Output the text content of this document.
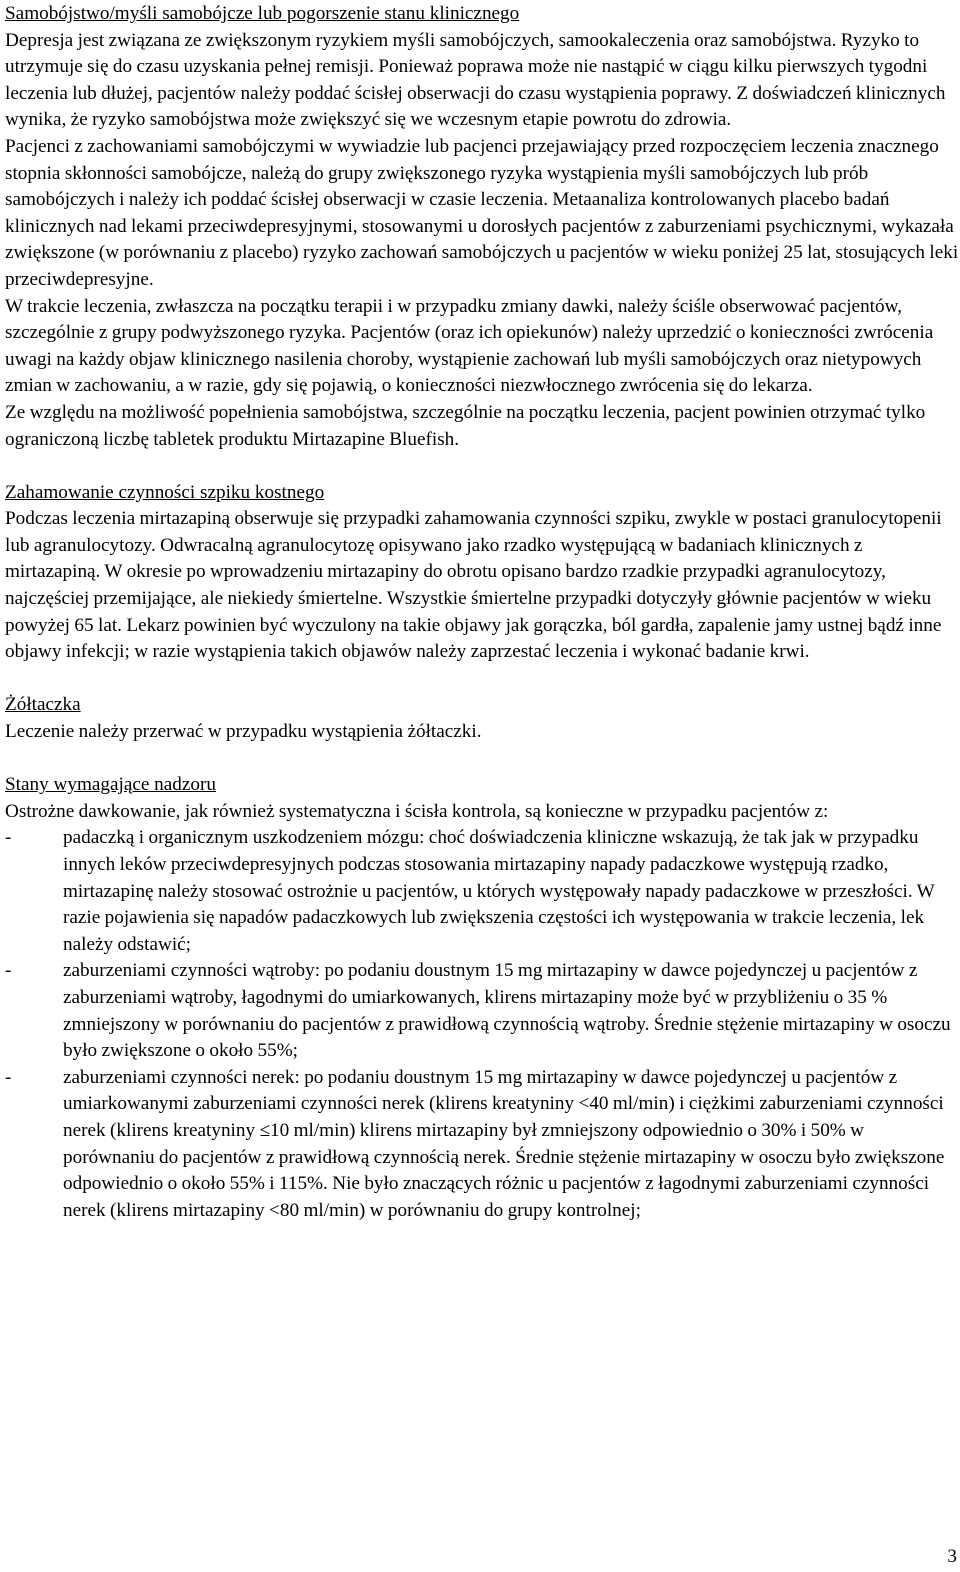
Samobójstwo/myśli samobójcze lub pogorszenie stanu klinicznego

Depresja jest związana ze zwiększonym ryzykiem myśli samobójczych, samookaleczenia oraz samobójstwa. Ryzyko to utrzymuje się do czasu uzyskania pełnej remisji. Ponieważ poprawa może nie nastąpić w ciągu kilku pierwszych tygodni leczenia lub dłużej, pacjentów należy poddać ścisłej obserwacji do czasu wystąpienia poprawy. Z doświadczeń klinicznych wynika, że ryzyko samobójstwa może zwiększyć się we wczesnym etapie powrotu do zdrowia.

Pacjenci z zachowaniami samobójczymi w wywiadzie lub pacjenci przejawiający przed rozpoczęciem leczenia znacznego stopnia skłonności samobójcze, należą do grupy zwiększonego ryzyka wystąpienia myśli samobójczych lub prób samobójczych i należy ich poddać ścisłej obserwacji w czasie leczenia. Metaanaliza kontrolowanych placebo badań klinicznych nad lekami przeciwdepresyjnymi, stosowanymi u dorosłych pacjentów z zaburzeniami psychicznymi, wykazała zwiększone (w porównaniu z placebo) ryzyko zachowań samobójczych u pacjentów w wieku poniżej 25 lat, stosujących leki przeciwdepresyjne.

W trakcie leczenia, zwłaszcza na początku terapii i w przypadku zmiany dawki, należy ściśle obserwować pacjentów, szczególnie z grupy podwyższonego ryzyka. Pacjentów (oraz ich opiekunów) należy uprzedzić o konieczności zwrócenia uwagi na każdy objaw klinicznego nasilenia choroby, wystąpienie zachowań lub myśli samobójczych oraz nietypowych zmian w zachowaniu, a w razie, gdy się pojawią, o konieczności niezwłocznego zwrócenia się do lekarza.

Ze względu na możliwość popełnienia samobójstwa, szczególnie na początku leczenia, pacjent powinien otrzymać tylko ograniczoną liczbę tabletek produktu Mirtazapine Bluefish.

Zahamowanie czynności szpiku kostnego

Podczas leczenia mirtazapiną obserwuje się przypadki zahamowania czynności szpiku, zwykle w postaci granulocytopenii lub agranulocytozy. Odwracalną agranulocytozę opisywano jako rzadko występującą w badaniach klinicznych z mirtazapiną. W okresie po wprowadzeniu mirtazapiny do obrotu opisano bardzo rzadkie przypadki agranulocytozy, najczęściej przemijające, ale niekiedy śmiertelne. Wszystkie śmiertelne przypadki dotyczyły głównie pacjentów w wieku powyżej 65 lat. Lekarz powinien być wyczulony na takie objawy jak gorączka, ból gardła, zapalenie jamy ustnej bądź inne objawy infekcji; w razie wystąpienia takich objawów należy zaprzestać leczenia i wykonać badanie krwi.

Żółtaczka

Leczenie należy przerwać w przypadku wystąpienia żółtaczki.

Stany wymagające nadzoru

Ostrożne dawkowanie, jak również systematyczna i ścisła kontrola, są konieczne w przypadku pacjentów z:

-	padaczką i organicznym uszkodzeniem mózgu: choć doświadczenia kliniczne wskazują, że tak jak w przypadku innych leków przeciwdepresyjnych podczas stosowania mirtazapiny napady padaczkowe występują rzadko, mirtazapinę należy stosować ostrożnie u pacjentów, u których występowały napady padaczkowe w przeszłości. W razie pojawienia się napadów padaczkowych lub zwiększenia częstości ich występowania w trakcie leczenia, lek należy odstawić;
-	zaburzeniami czynności wątroby: po podaniu doustnym 15 mg mirtazapiny w dawce pojedynczej u pacjentów z zaburzeniami wątroby, łagodnymi do umiarkowanych, klirens mirtazapiny może być w przybliżeniu o 35 % zmniejszony w porównaniu do pacjentów z prawidłową czynnością wątroby. Średnie stężenie mirtazapiny w osoczu było zwiększone o około 55%;
-	zaburzeniami czynności nerek: po podaniu doustnym 15 mg mirtazapiny w dawce pojedynczej u pacjentów z umiarkowanymi zaburzeniami czynności nerek (klirens kreatyniny <40 ml/min) i ciężkimi zaburzeniami czynności nerek (klirens kreatyniny ≤10 ml/min) klirens mirtazapiny był zmniejszony odpowiednio o 30% i 50% w porównaniu do pacjentów z prawidłową czynnością nerek. Średnie stężenie mirtazapiny w osoczu było zwiększone odpowiednio o około 55% i 115%. Nie było znaczących różnic u pacjentów z łagodnymi zaburzeniami czynności nerek (klirens mirtazapiny <80 ml/min) w porównaniu do grupy kontrolnej;
3
